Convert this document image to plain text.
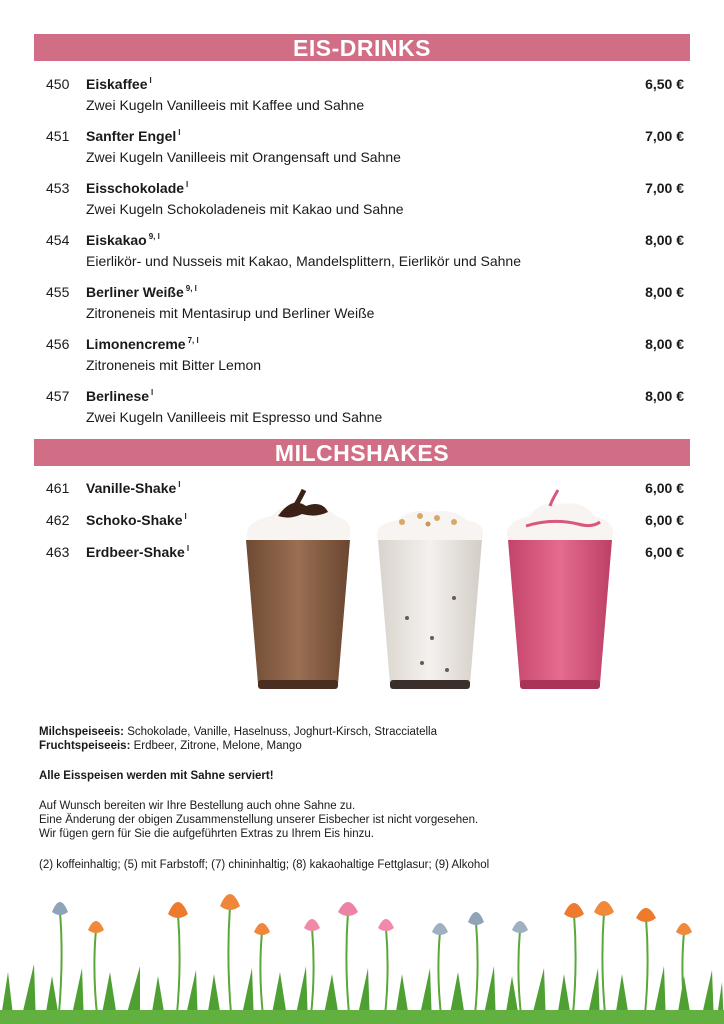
EIS-DRINKS
450 Eiskaffee $^l$	6,50 €
Zwei Kugeln Vanilleeis mit Kaffee und Sahne
451 Sanfter Engel $^l$	7,00 €
Zwei Kugeln Vanilleeis mit Orangensaft und Sahne
453 Eisschokolade $^l$	7,00 €
Zwei Kugeln Schokoladeneis mit Kakao und Sahne
454 Eiskakao $^{9, l}$	8,00 €
Eierlikör- und Nusseis mit Kakao, Mandelsplittern, Eierlikör und Sahne
455 Berliner Weiße $^{9, l}$	8,00 €
Zitroneneis mit Mentasirup und Berliner Weiße
456 Limonencreme $^{7, l}$	8,00 €
Zitroneneis mit Bitter Lemon
457 Berlinese $^l$	8,00 €
Zwei Kugeln Vanilleeis mit Espresso und Sahne
MILCHSHAKES
461 Vanille-Shake $^l$	6,00 €
462 Schoko-Shake $^l$	6,00 €
463 Erdbeer-Shake $^l$	6,00 €
Milchspeiseeis: Schokolade, Vanille, Haselnuss, Joghurt-Kirsch, Stracciatella
Fruchtspeiseeis: Erdbeer, Zitrone, Melone, Mango
Alle Eisspeisen werden mit Sahne serviert!
Auf Wunsch bereiten wir Ihre Bestellung auch ohne Sahne zu.
Eine Änderung der obigen Zusammenstellung unserer Eisbecher ist nicht vorgesehen.
Wir fügen gern für Sie die aufgeführten Extras zu Ihrem Eis hinzu.
(2) koffeinhaltig; (5) mit Farbstoff; (7) chininhaltig; (8) kakaohaltige Fettglasur; (9) Alkohol
